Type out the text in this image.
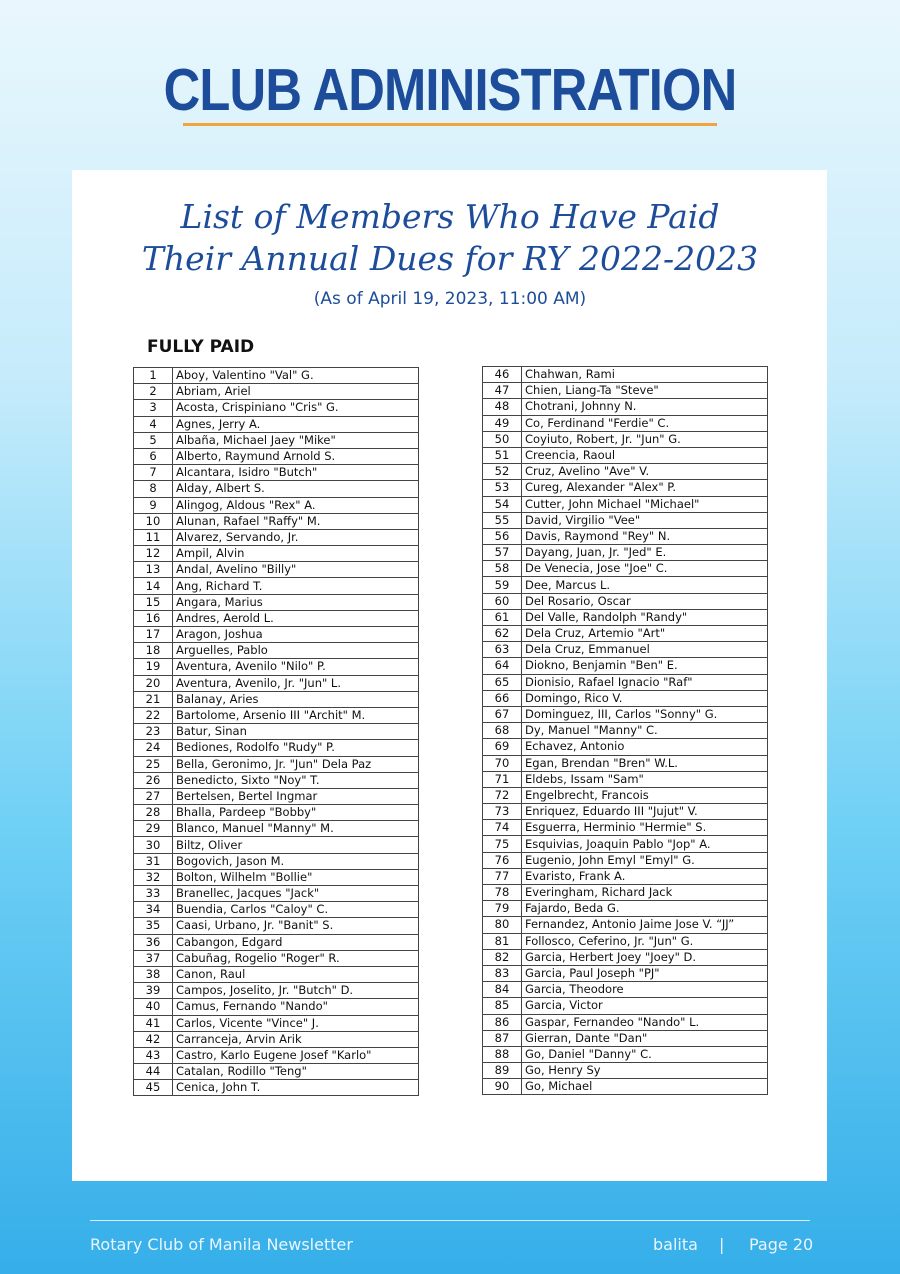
CLUB ADMINISTRATION
List of Members Who Have Paid
Their Annual Dues for RY 2022-2023
(As of April 19, 2023, 11:00 AM)
FULLY PAID
1	Aboy, Valentino "Val" G.
2	Abriam, Ariel
3	Acosta, Crispiniano "Cris" G.
4	Agnes, Jerry A.
5	Albaña, Michael Jaey "Mike"
6	Alberto, Raymund Arnold S.
7	Alcantara, Isidro "Butch"
8	Alday, Albert S.
9	Alingog, Aldous "Rex" A.
10	Alunan, Rafael "Raffy" M.
11	Alvarez, Servando, Jr.
12	Ampil, Alvin
13	Andal, Avelino "Billy"
14	Ang, Richard T.
15	Angara, Marius
16	Andres, Aerold L.
17	Aragon, Joshua
18	Arguelles, Pablo
19	Aventura, Avenilo "Nilo" P.
20	Aventura, Avenilo, Jr. "Jun" L.
21	Balanay, Aries
22	Bartolome, Arsenio III "Archit" M.
23	Batur, Sinan
24	Bediones, Rodolfo "Rudy" P.
25	Bella, Geronimo, Jr. "Jun" Dela Paz
26	Benedicto, Sixto "Noy" T.
27	Bertelsen, Bertel Ingmar
28	Bhalla, Pardeep "Bobby"
29	Blanco, Manuel "Manny" M.
30	Biltz, Oliver
31	Bogovich, Jason M.
32	Bolton, Wilhelm "Bollie"
33	Branellec, Jacques "Jack"
34	Buendia, Carlos "Caloy" C.
35	Caasi, Urbano, Jr. "Banit" S.
36	Cabangon, Edgard
37	Cabuñag, Rogelio "Roger" R.
38	Canon, Raul
39	Campos, Joselito, Jr. "Butch" D.
40	Camus, Fernando "Nando"
41	Carlos, Vicente "Vince" J.
42	Carranceja, Arvin Arik
43	Castro, Karlo Eugene Josef "Karlo"
44	Catalan, Rodillo "Teng"
45	Cenica, John T.
46	Chahwan, Rami
47	Chien, Liang-Ta "Steve"
48	Chotrani, Johnny N.
49	Co, Ferdinand "Ferdie" C.
50	Coyiuto, Robert, Jr. "Jun" G.
51	Creencia, Raoul
52	Cruz, Avelino "Ave" V.
53	Cureg, Alexander "Alex" P.
54	Cutter, John Michael "Michael"
55	David, Virgilio "Vee"
56	Davis, Raymond "Rey" N.
57	Dayang, Juan, Jr. "Jed" E.
58	De Venecia, Jose "Joe" C.
59	Dee, Marcus L.
60	Del Rosario, Oscar
61	Del Valle, Randolph "Randy"
62	Dela Cruz, Artemio "Art"
63	Dela Cruz, Emmanuel
64	Diokno, Benjamin "Ben" E.
65	Dionisio, Rafael Ignacio "Raf"
66	Domingo, Rico V.
67	Dominguez, III, Carlos "Sonny" G.
68	Dy, Manuel "Manny" C.
69	Echavez, Antonio
70	Egan, Brendan "Bren" W.L.
71	Eldebs, Issam "Sam"
72	Engelbrecht, Francois
73	Enriquez, Eduardo III "Jujut" V.
74	Esguerra, Herminio "Hermie" S.
75	Esquivias, Joaquin Pablo "Jop" A.
76	Eugenio, John Emyl "Emyl" G.
77	Evaristo, Frank A.
78	Everingham, Richard Jack
79	Fajardo, Beda G.
80	Fernandez, Antonio Jaime Jose V. “JJ”
81	Follosco, Ceferino, Jr. "Jun" G.
82	Garcia, Herbert Joey "Joey" D.
83	Garcia, Paul Joseph "PJ"
84	Garcia, Theodore
85	Garcia, Victor
86	Gaspar, Fernandeo "Nando" L.
87	Gierran, Dante "Dan"
88	Go, Daniel "Danny" C.
89	Go, Henry Sy
90	Go, Michael
Rotary Club of Manila Newsletter	balita | Page 20
